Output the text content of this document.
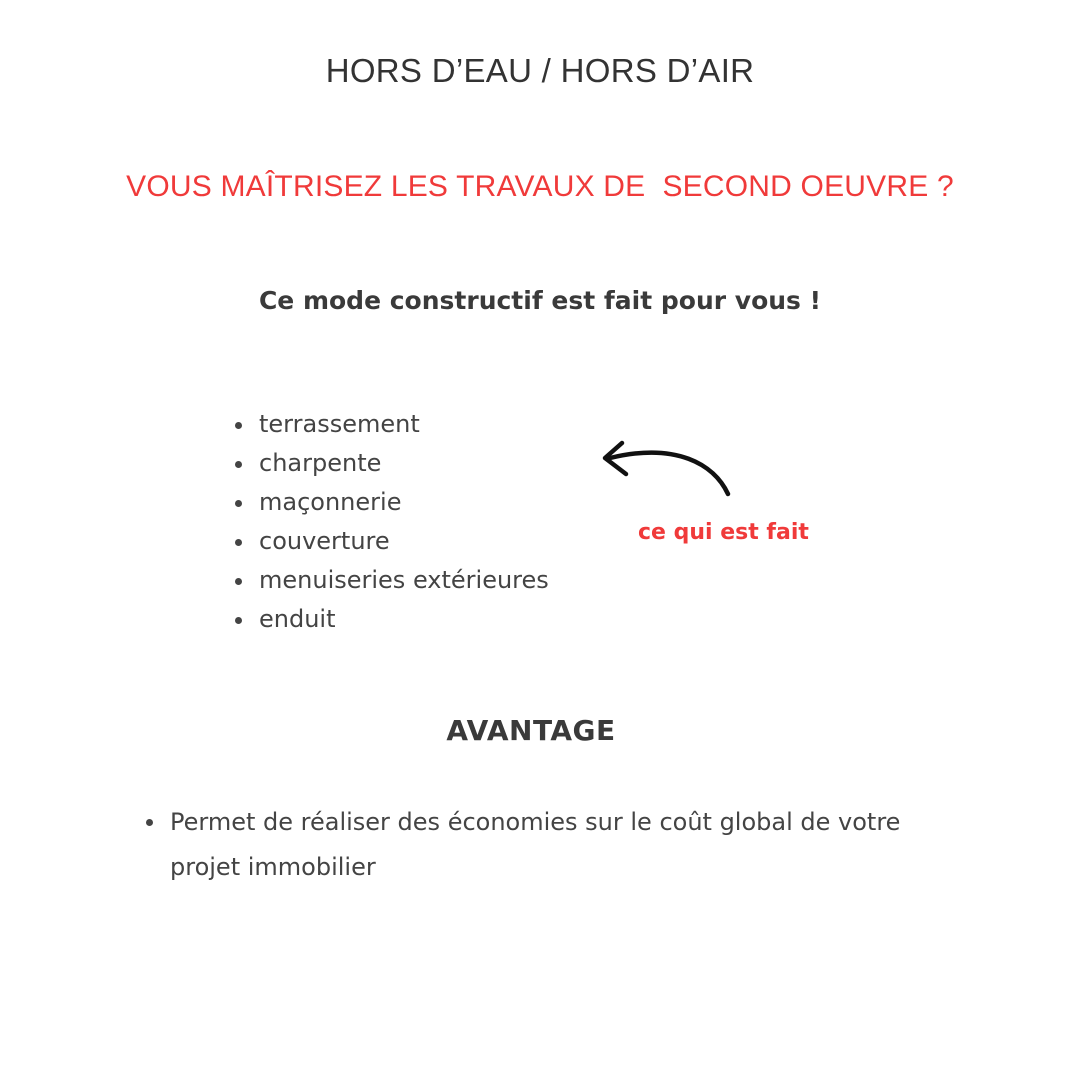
HORS D’EAU / HORS D’AIR
VOUS MAÎTRISEZ LES TRAVAUX DE  SECOND OEUVRE ?
Ce mode constructif est fait pour vous !
terrassement
charpente
maçonnerie
couverture
menuiseries extérieures
enduit
ce qui est fait
AVANTAGE
Permet de réaliser des économies sur le coût global de votre projet immobilier
